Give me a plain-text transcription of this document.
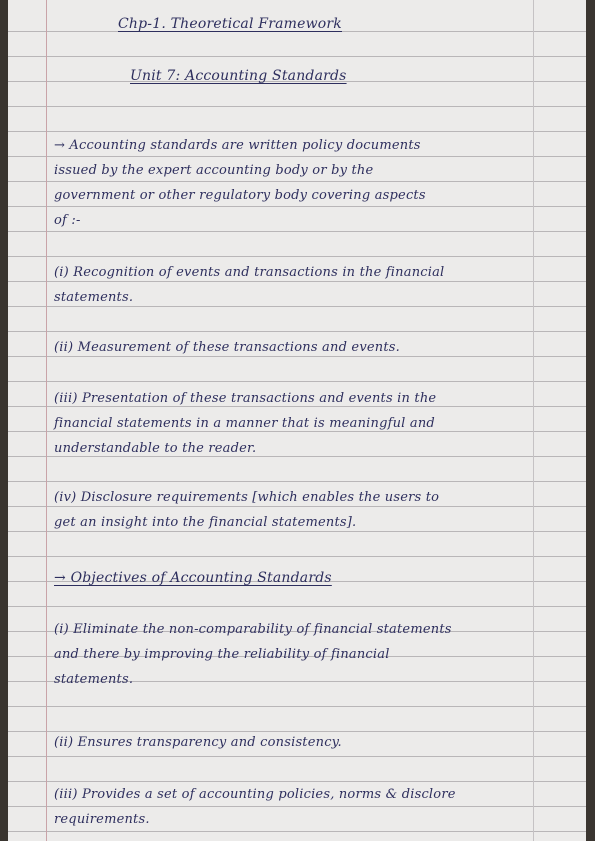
Chp-1. Theoretical Framework
Unit 7: Accounting Standards
→ Accounting standards are written policy documents
issued by the expert accounting body or by the
government or other regulatory body covering aspects
of :-
(i) Recognition of events and transactions in the financial
statements.
(ii) Measurement of these transactions and events.
(iii) Presentation of these transactions and events in the
financial statements in a manner that is meaningful and
understandable to the reader.
(iv) Disclosure requirements [which enables the users to
get an insight into the financial statements].
→ Objectives of Accounting Standards
(i) Eliminate the non-comparability of financial statements
and there by improving the reliability of financial
statements.
(ii) Ensures transparency and consistency.
(iii) Provides a set of accounting policies, norms & disclore
requirements.
